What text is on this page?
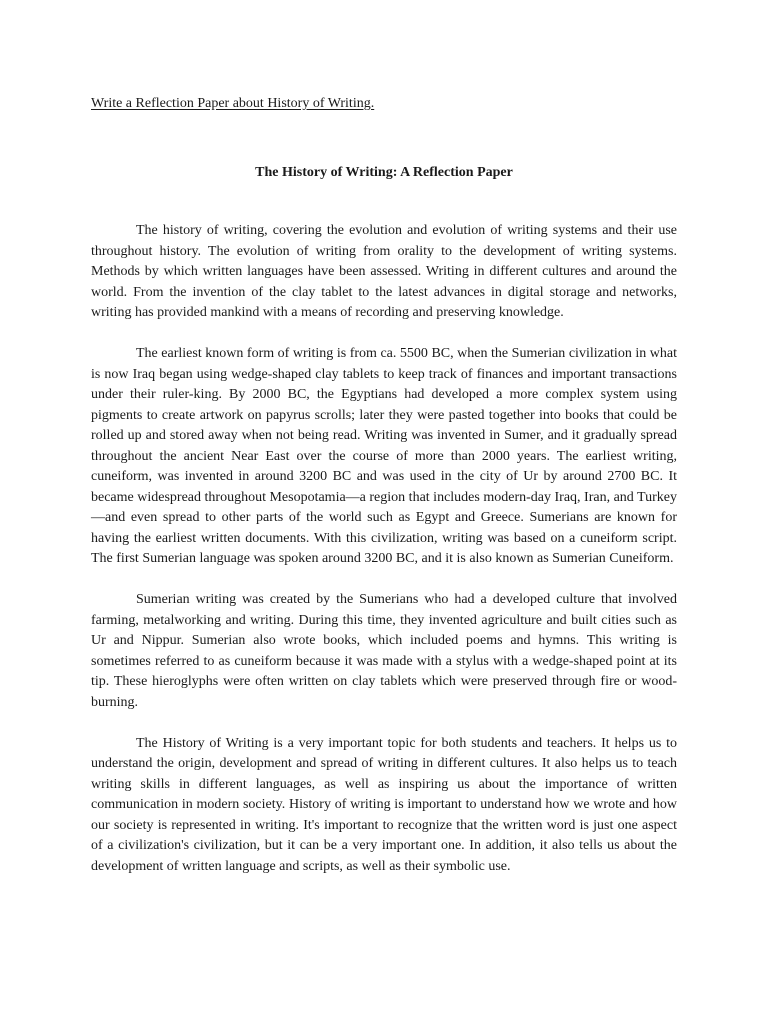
Write a Reflection Paper about History of Writing.
The History of Writing: A Reflection Paper

The history of writing, covering the evolution and evolution of writing systems and their use throughout history. The evolution of writing from orality to the development of writing systems. Methods by which written languages have been assessed. Writing in different cultures and around the world. From the invention of the clay tablet to the latest advances in digital storage and networks, writing has provided mankind with a means of recording and preserving knowledge.

The earliest known form of writing is from ca. 5500 BC, when the Sumerian civilization in what is now Iraq began using wedge-shaped clay tablets to keep track of finances and important transactions under their ruler-king. By 2000 BC, the Egyptians had developed a more complex system using pigments to create artwork on papyrus scrolls; later they were pasted together into books that could be rolled up and stored away when not being read. Writing was invented in Sumer, and it gradually spread throughout the ancient Near East over the course of more than 2000 years. The earliest writing, cuneiform, was invented in around 3200 BC and was used in the city of Ur by around 2700 BC. It became widespread throughout Mesopotamia—a region that includes modern-day Iraq, Iran, and Turkey—and even spread to other parts of the world such as Egypt and Greece. Sumerians are known for having the earliest written documents. With this civilization, writing was based on a cuneiform script. The first Sumerian language was spoken around 3200 BC, and it is also known as Sumerian Cuneiform.

Sumerian writing was created by the Sumerians who had a developed culture that involved farming, metalworking and writing. During this time, they invented agriculture and built cities such as Ur and Nippur. Sumerian also wrote books, which included poems and hymns. This writing is sometimes referred to as cuneiform because it was made with a stylus with a wedge-shaped point at its tip. These hieroglyphs were often written on clay tablets which were preserved through fire or wood-burning.

The History of Writing is a very important topic for both students and teachers. It helps us to understand the origin, development and spread of writing in different cultures. It also helps us to teach writing skills in different languages, as well as inspiring us about the importance of written communication in modern society. History of writing is important to understand how we wrote and how our society is represented in writing. It's important to recognize that the written word is just one aspect of a civilization's civilization, but it can be a very important one. In addition, it also tells us about the development of written language and scripts, as well as their symbolic use.
